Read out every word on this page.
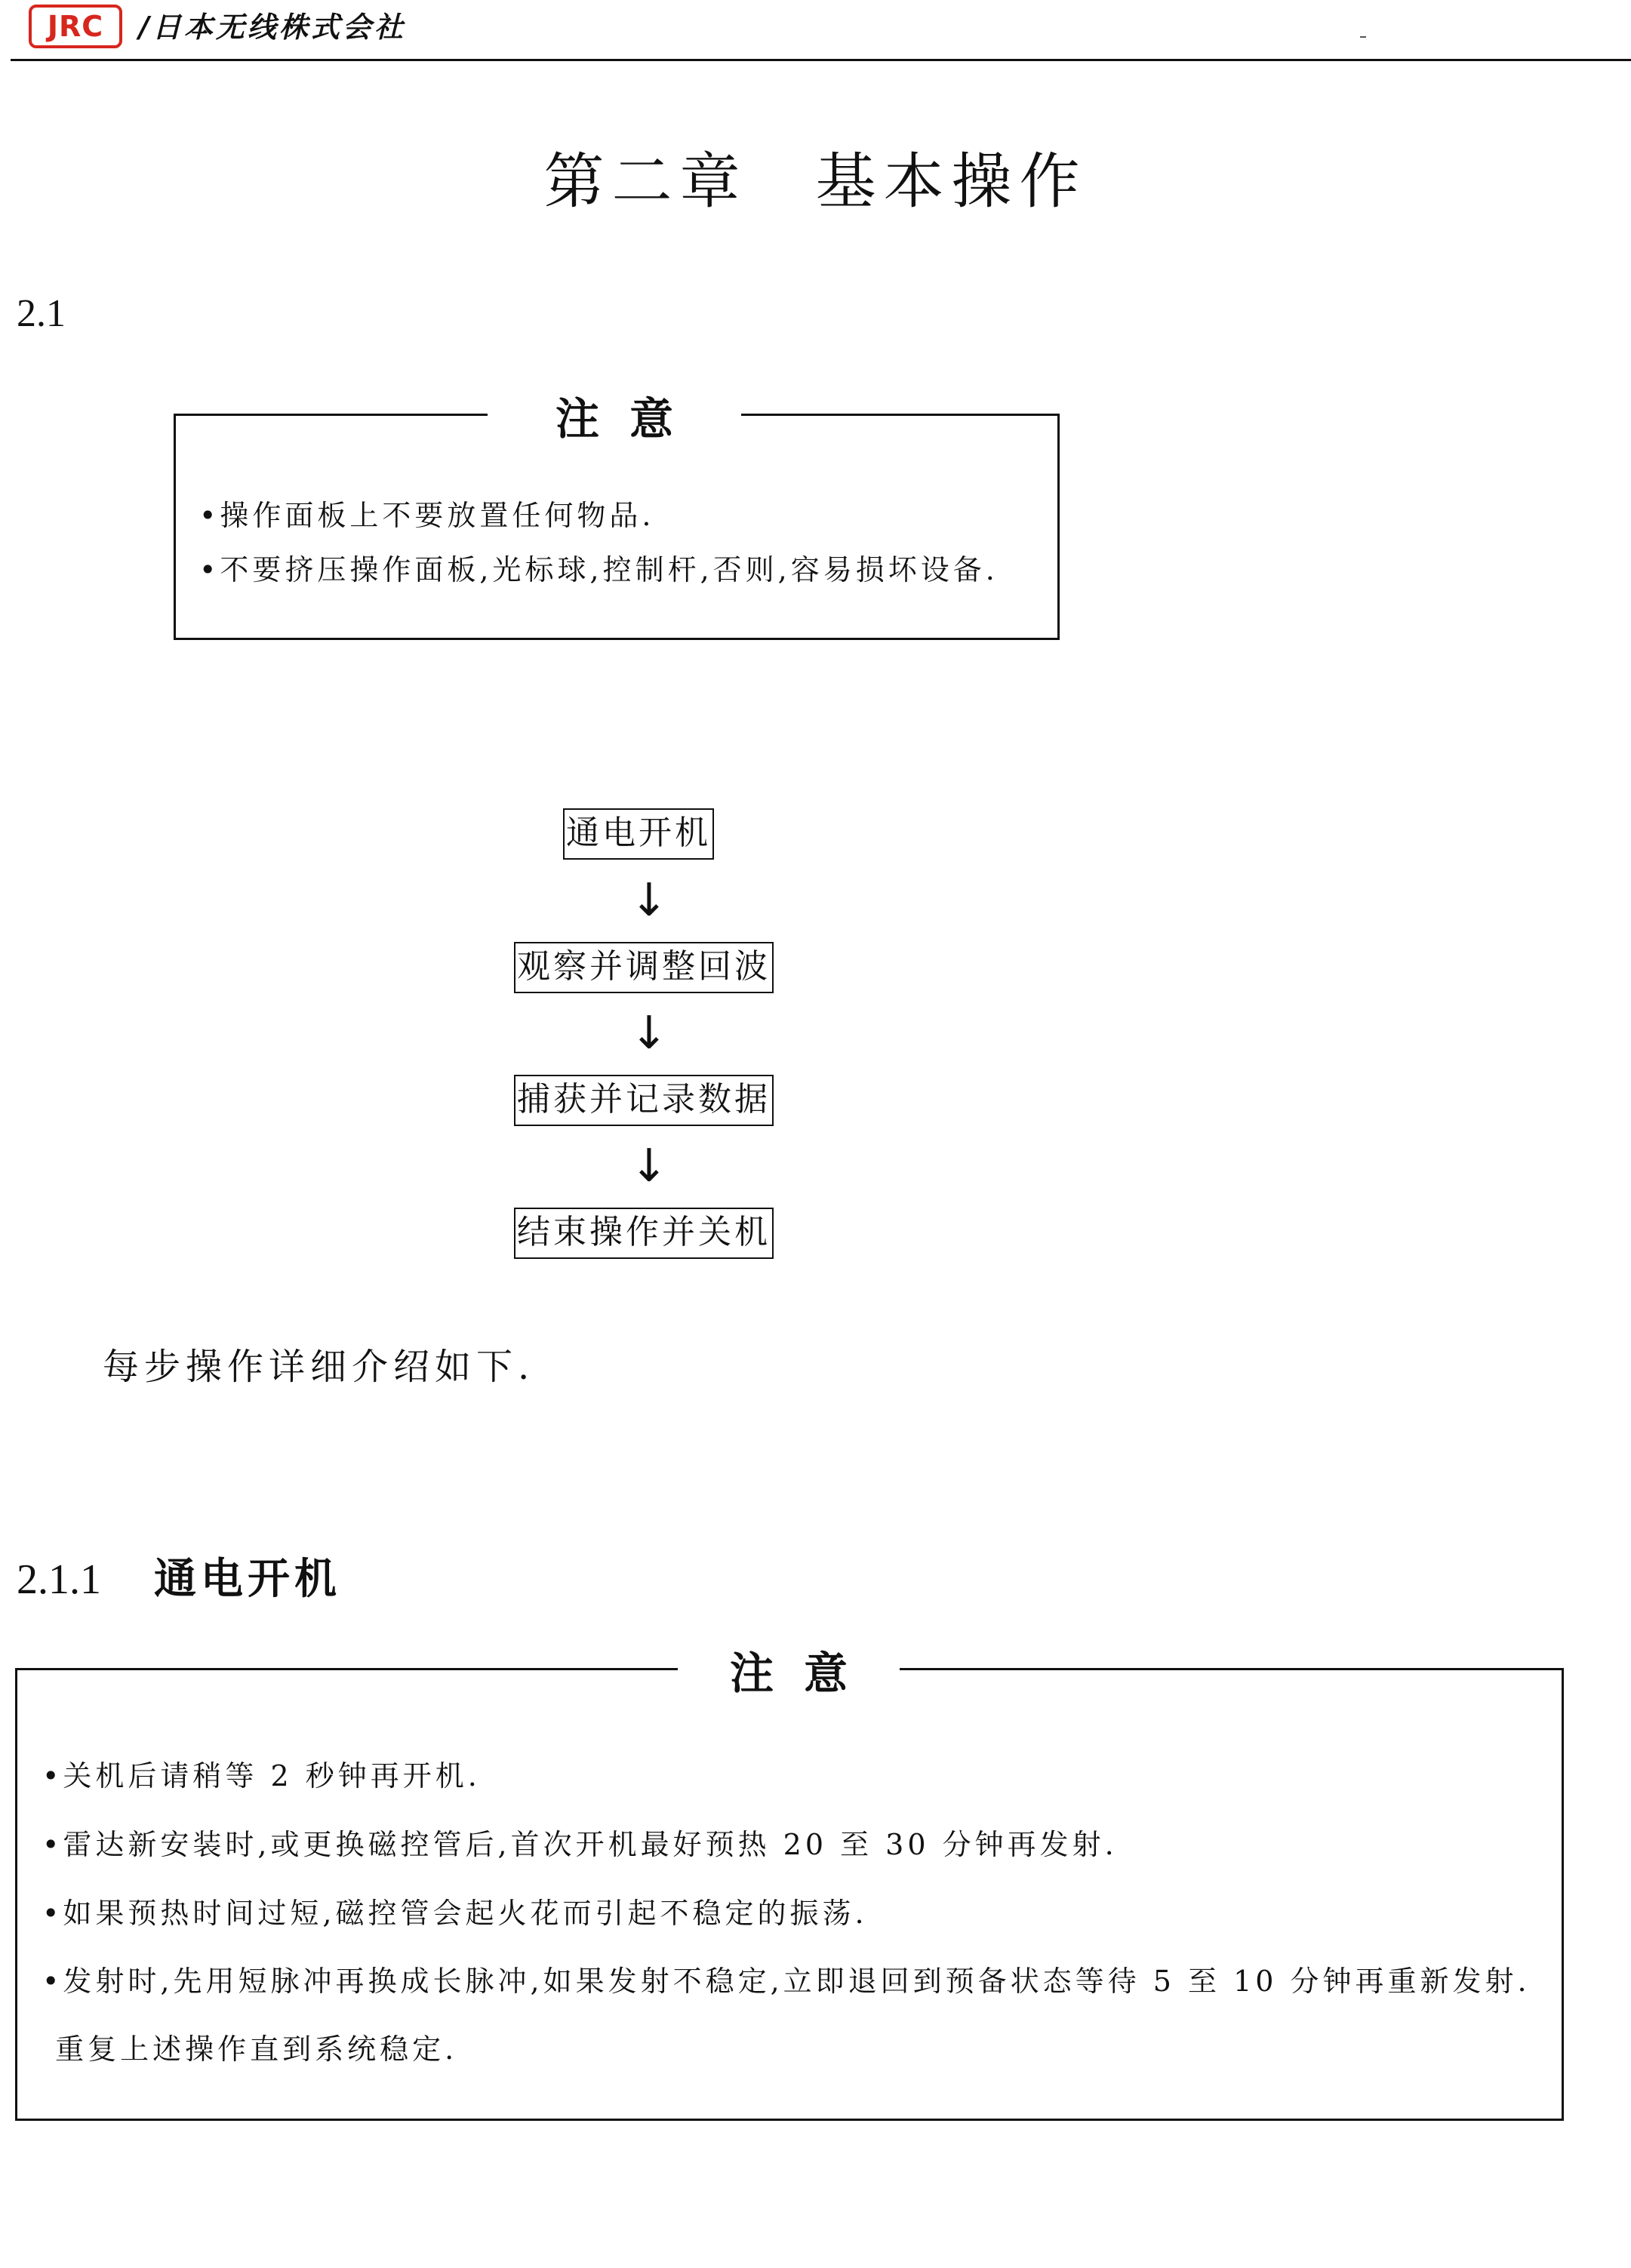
JRC	/日本无线株式会社
第二章　基本操作
2.1
注意
•操作面板上不要放置任何物品.
•不要挤压操作面板,光标球,控制杆,否则,容易损坏设备.
通电开机
↓
观察并调整回波
↓
捕获并记录数据
↓
结束操作并关机
每步操作详细介绍如下.
2.1.1 通电开机
注意
•关机后请稍等 2 秒钟再开机.
•雷达新安装时,或更换磁控管后,首次开机最好预热 20 至 30 分钟再发射.
•如果预热时间过短,磁控管会起火花而引起不稳定的振荡.
•发射时,先用短脉冲再换成长脉冲,如果发射不稳定,立即退回到预备状态等待 5 至 10 分钟再重新发射.
重复上述操作直到系统稳定.
